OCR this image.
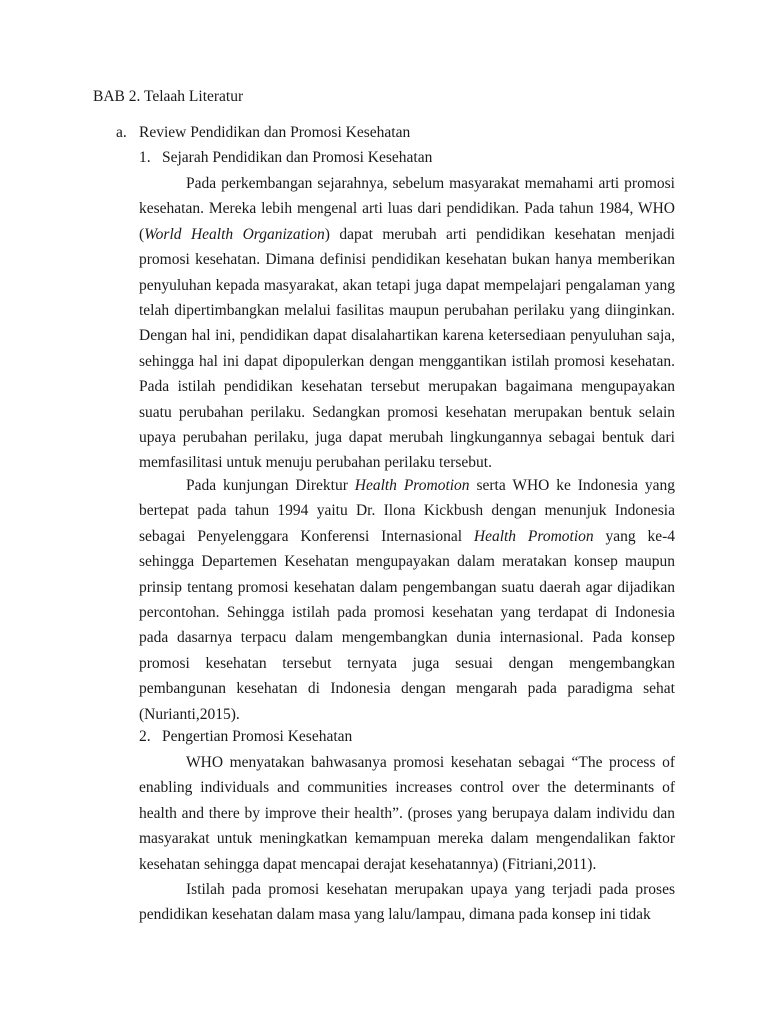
BAB 2. Telaah Literatur
a. Review Pendidikan dan Promosi Kesehatan
1. Sejarah Pendidikan dan Promosi Kesehatan

Pada perkembangan sejarahnya, sebelum masyarakat memahami arti promosi kesehatan. Mereka lebih mengenal arti luas dari pendidikan. Pada tahun 1984, WHO (World Health Organization) dapat merubah arti pendidikan kesehatan menjadi promosi kesehatan. Dimana definisi pendidikan kesehatan bukan hanya memberikan penyuluhan kepada masyarakat, akan tetapi juga dapat mempelajari pengalaman yang telah dipertimbangkan melalui fasilitas maupun perubahan perilaku yang diinginkan. Dengan hal ini, pendidikan dapat disalahartikan karena ketersediaan penyuluhan saja, sehingga hal ini dapat dipopulerkan dengan menggantikan istilah promosi kesehatan. Pada istilah pendidikan kesehatan tersebut merupakan bagaimana mengupayakan suatu perubahan perilaku. Sedangkan promosi kesehatan merupakan bentuk selain upaya perubahan perilaku, juga dapat merubah lingkungannya sebagai bentuk dari memfasilitasi untuk menuju perubahan perilaku tersebut.

Pada kunjungan Direktur Health Promotion serta WHO ke Indonesia yang bertepat pada tahun 1994 yaitu Dr. Ilona Kickbush dengan menunjuk Indonesia sebagai Penyelenggara Konferensi Internasional Health Promotion yang ke-4 sehingga Departemen Kesehatan mengupayakan dalam meratakan konsep maupun prinsip tentang promosi kesehatan dalam pengembangan suatu daerah agar dijadikan percontohan. Sehingga istilah pada promosi kesehatan yang terdapat di Indonesia pada dasarnya terpacu dalam mengembangkan dunia internasional. Pada konsep promosi kesehatan tersebut ternyata juga sesuai dengan mengembangkan pembangunan kesehatan di Indonesia dengan mengarah pada paradigma sehat (Nurianti,2015).

2. Pengertian Promosi Kesehatan

WHO menyatakan bahwasanya promosi kesehatan sebagai “The process of enabling individuals and communities increases control over the determinants of health and there by improve their health”. (proses yang berupaya dalam individu dan masyarakat untuk meningkatkan kemampuan mereka dalam mengendalikan faktor kesehatan sehingga dapat mencapai derajat kesehatannya) (Fitriani,2011).

Istilah pada promosi kesehatan merupakan upaya yang terjadi pada proses pendidikan kesehatan dalam masa yang lalu/lampau, dimana pada konsep ini tidak
